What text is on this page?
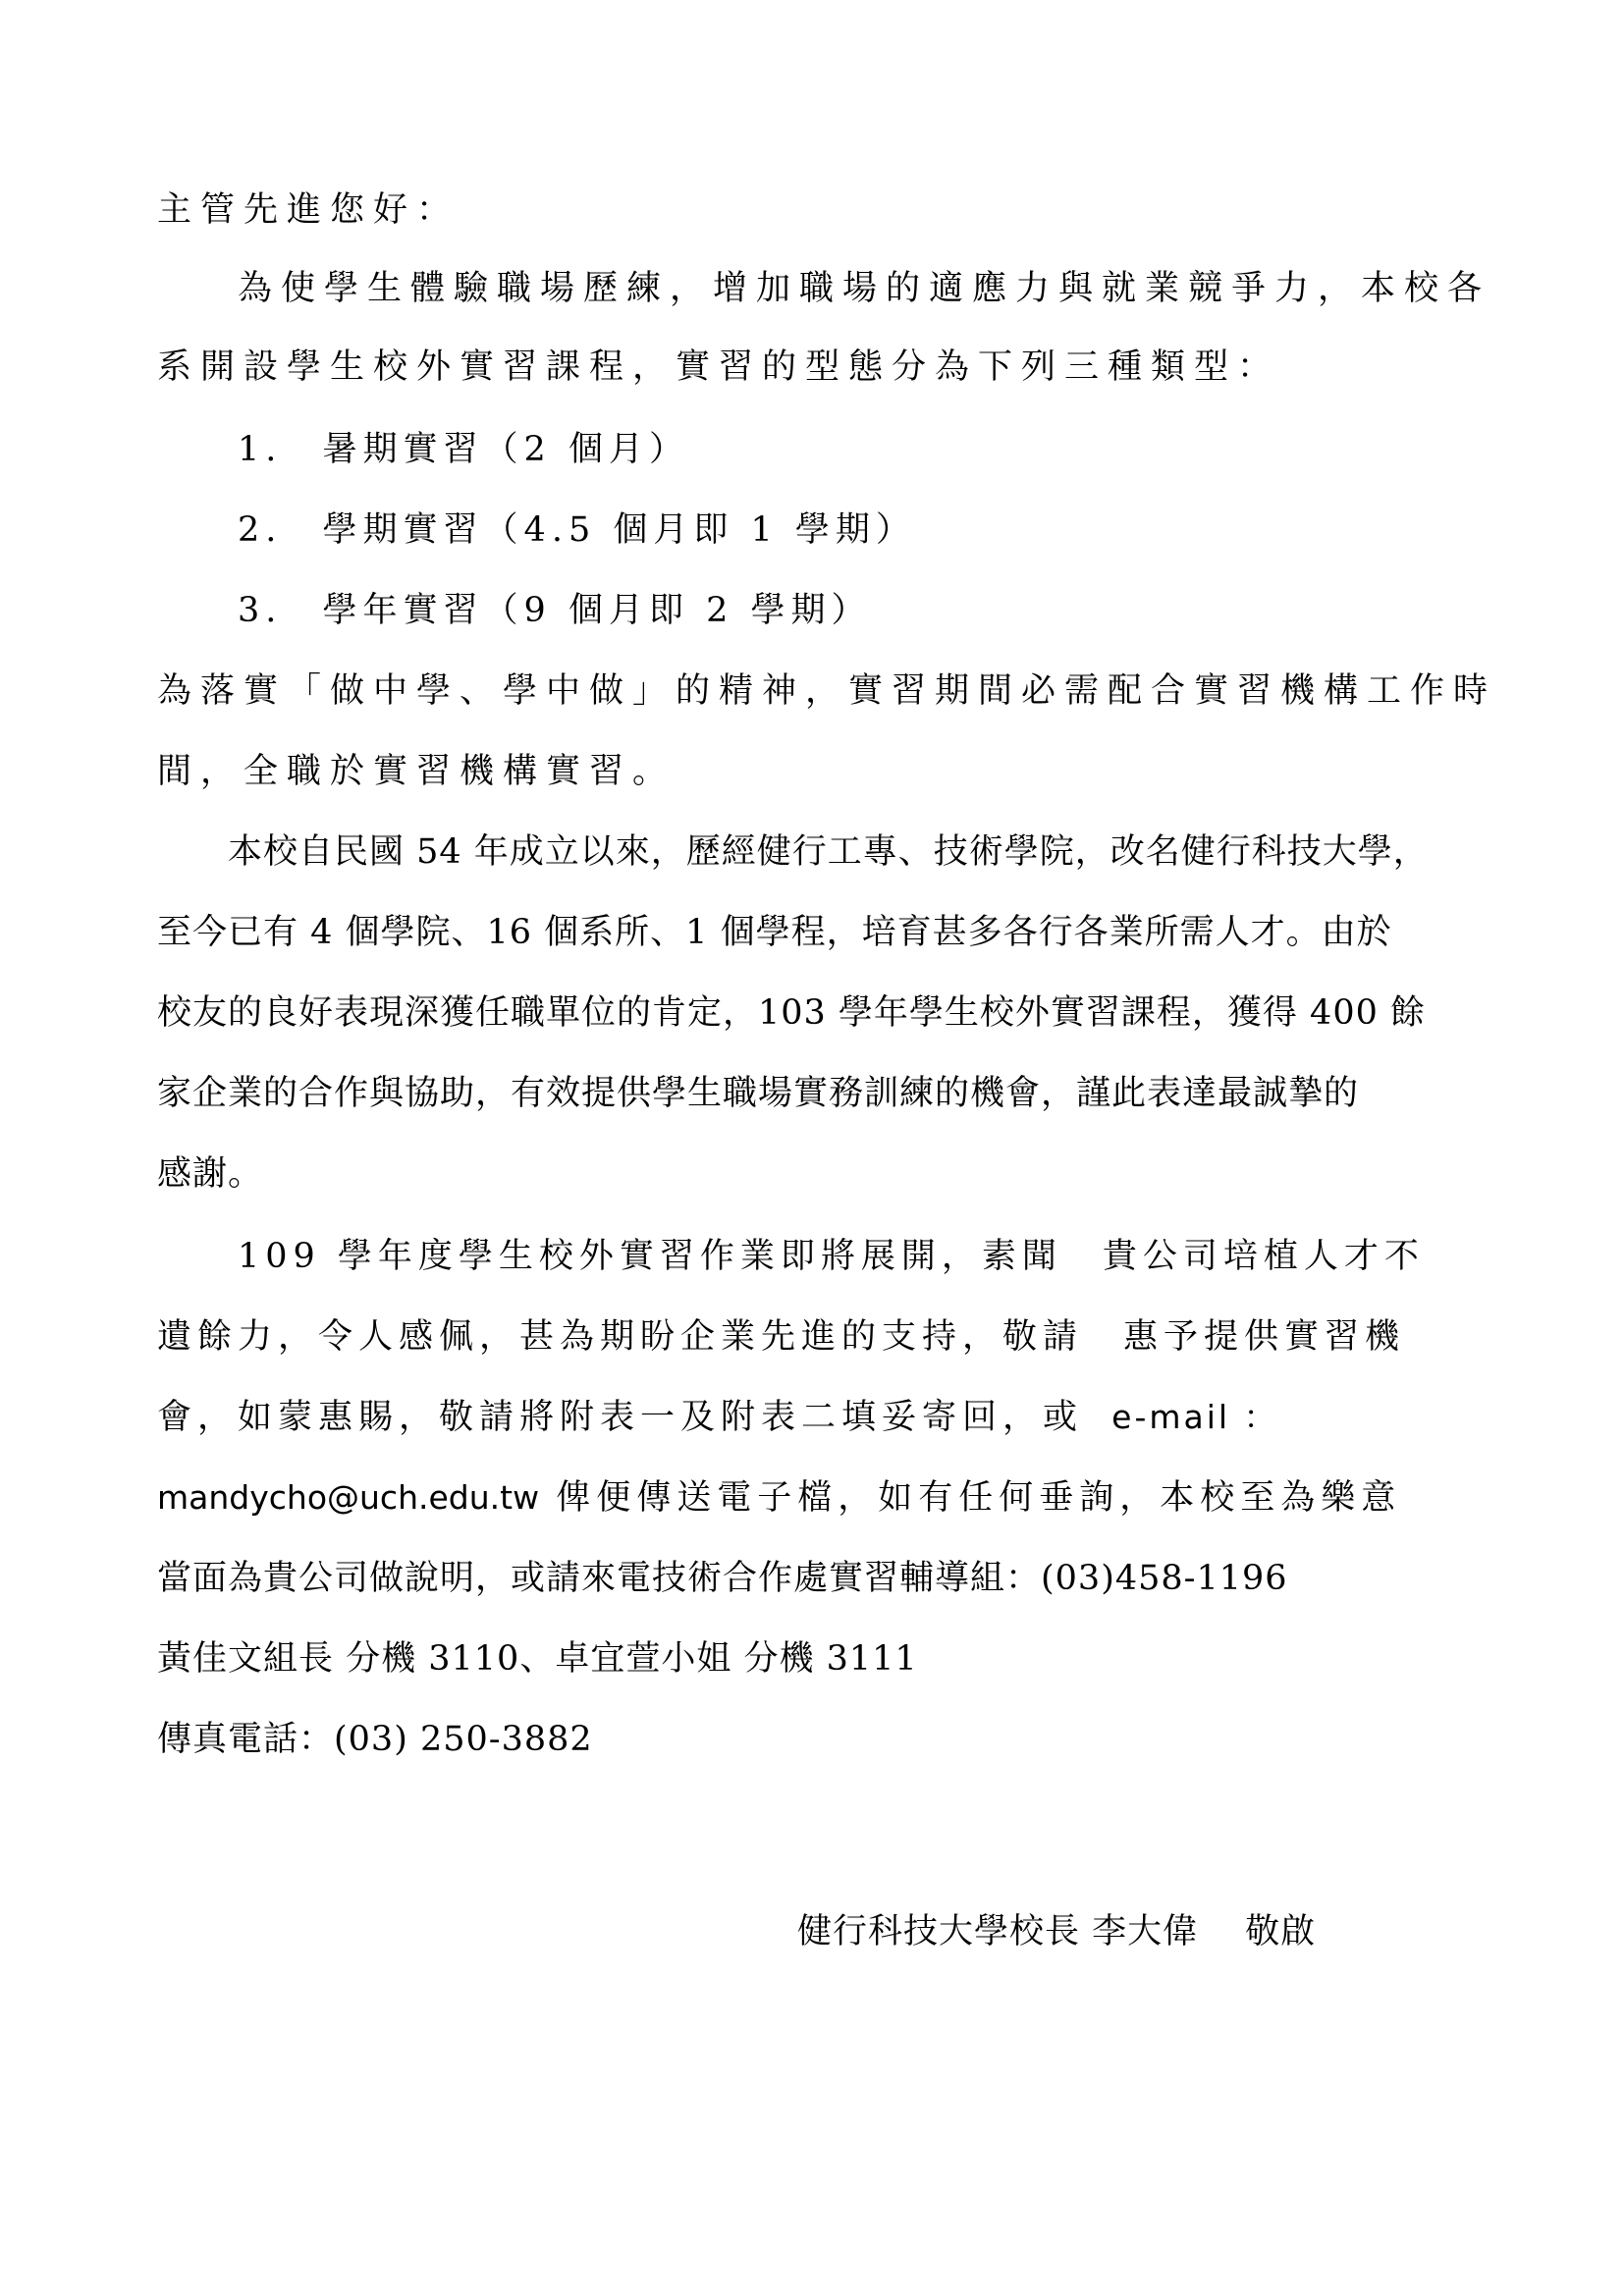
主管先進您好：
為使學生體驗職場歷練，增加職場的適應力與就業競爭力，本校各
系開設學生校外實習課程，實習的型態分為下列三種類型：
1. 暑期實習（2 個月）
2. 學期實習（4.5 個月即 1 學期）
3. 學年實習（9 個月即 2 學期）
為落實「做中學、學中做」的精神，實習期間必需配合實習機構工作時
間，全職於實習機構實習。
本校自民國 54 年成立以來，歷經健行工專、技術學院，改名健行科技大學，
至今已有 4 個學院、16 個系所、1 個學程，培育甚多各行各業所需人才。由於
校友的良好表現深獲任職單位的肯定，103 學年學生校外實習課程，獲得 400 餘
家企業的合作與協助，有效提供學生職場實務訓練的機會，謹此表達最誠摯的
感謝。
109 學年度學生校外實習作業即將展開，素聞　貴公司培植人才不
遺餘力，令人感佩，甚為期盼企業先進的支持，敬請　惠予提供實習機
會，如蒙惠賜，敬請將附表一及附表二填妥寄回，或 e-mail ：
mandycho@uch.edu.tw 俾便傳送電子檔，如有任何垂詢，本校至為樂意
當面為貴公司做說明，或請來電技術合作處實習輔導組：(03)458-1196
黃佳文組長 分機 3110、卓宜萱小姐 分機 3111
傳真電話：(03) 250-3882
健行科技大學校長 李大偉　 敬啟
